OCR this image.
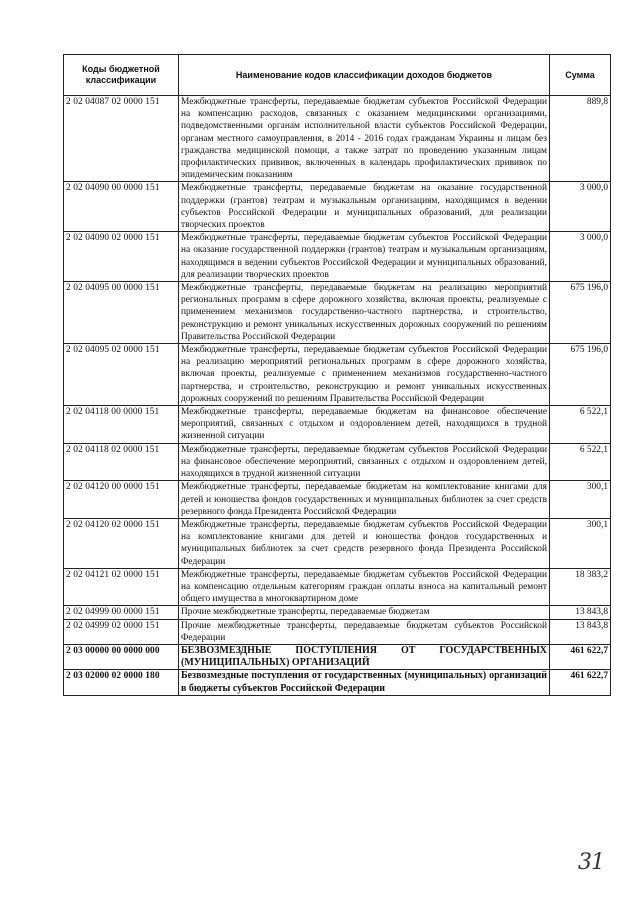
Коды бюджетной классификации	Наименование кодов классификации доходов бюджетов	Сумма
2 02 04087 02 0000 151	Межбюджетные трансферты, передаваемые бюджетам субъектов Российской Федерации на компенсацию расходов, связанных с оказанием медицинскими организациями, подведомственными органам исполнительной власти субъектов Российской Федерации, органам местного самоуправления, в 2014 - 2016 годах гражданам Украины и лицам без гражданства медицинской помощи, а также затрат по проведению указанным лицам профилактических прививок, включенных в календарь профилактических прививок по эпидемическим показаниям	889,8
2 02 04090 00 0000 151	Межбюджетные трансферты, передаваемые бюджетам на оказание государственной поддержки (грантов) театрам и музыкальным организациям, находящимся в ведении субъектов Российской Федерации и муниципальных образований, для реализации творческих проектов	3 000,0
2 02 04090 02 0000 151	Межбюджетные трансферты, передаваемые бюджетам субъектов Российской Федерации на оказание государственной поддержки (грантов) театрам и музыкальным организациям, находящимся в ведении субъектов Российской Федерации и муниципальных образований, для реализации творческих проектов	3 000,0
2 02 04095 00 0000 151	Межбюджетные трансферты, передаваемые бюджетам на реализацию мероприятий региональных программ в сфере дорожного хозяйства, включая проекты, реализуемые с применением механизмов государственно-частного партнерства, и строительство, реконструкцию и ремонт уникальных искусственных дорожных сооружений по решениям Правительства Российской Федерации	675 196,0
2 02 04095 02 0000 151	Межбюджетные трансферты, передаваемые бюджетам субъектов Российской Федерации на реализацию мероприятий региональных программ в сфере дорожного хозяйства, включая проекты, реализуемые с применением механизмов государственно-частного партнерства, и строительство, реконструкцию и ремонт уникальных искусственных дорожных сооружений по решениям Правительства Российской Федерации	675 196,0
2 02 04118 00 0000 151	Межбюджетные трансферты, передаваемые бюджетам на финансовое обеспечение мероприятий, связанных с отдыхом и оздоровлением детей, находящихся в трудной жизненной ситуации	6 522,1
2 02 04118 02 0000 151	Межбюджетные трансферты, передаваемые бюджетам субъектов Российской Федерации на финансовое обеспечение мероприятий, связанных с отдыхом и оздоровлением детей, находящихся в трудной жизненной ситуации	6 522,1
2 02 04120 00 0000 151	Межбюджетные трансферты, передаваемые бюджетам на комплектование книгами для детей и юношества фондов государственных и муниципальных библиотек за счет средств резервного фонда Президента Российской Федерации	300,1
2 02 04120 02 0000 151	Межбюджетные трансферты, передаваемые бюджетам субъектов Российской Федерации на комплектование книгами для детей и юношества фондов государственных и муниципальных библиотек за счет средств резервного фонда Президента Российской Федерации	300,1
2 02 04121 02 0000 151	Межбюджетные трансферты, передаваемые бюджетам субъектов Российской Федерации на компенсацию отдельным категориям граждан оплаты взноса на капитальный ремонт общего имущества в многоквартирном доме	18 383,2
2 02 04999 00 0000 151	Прочие межбюджетные трансферты, передаваемые бюджетам	13 843,8
2 02 04999 02 0000 151	Прочие межбюджетные трансферты, передаваемые бюджетам субъектов Российской Федерации	13 843,8
2 03 00000 00 0000 000	БЕЗВОЗМЕЗДНЫЕ ПОСТУПЛЕНИЯ ОТ ГОСУДАРСТВЕННЫХ (МУНИЦИПАЛЬНЫХ) ОРГАНИЗАЦИЙ	461 622,7
2 03 02000 02 0000 180	Безвозмездные поступления от государственных (муниципальных) организаций в бюджеты субъектов Российской Федерации	461 622,7
31
